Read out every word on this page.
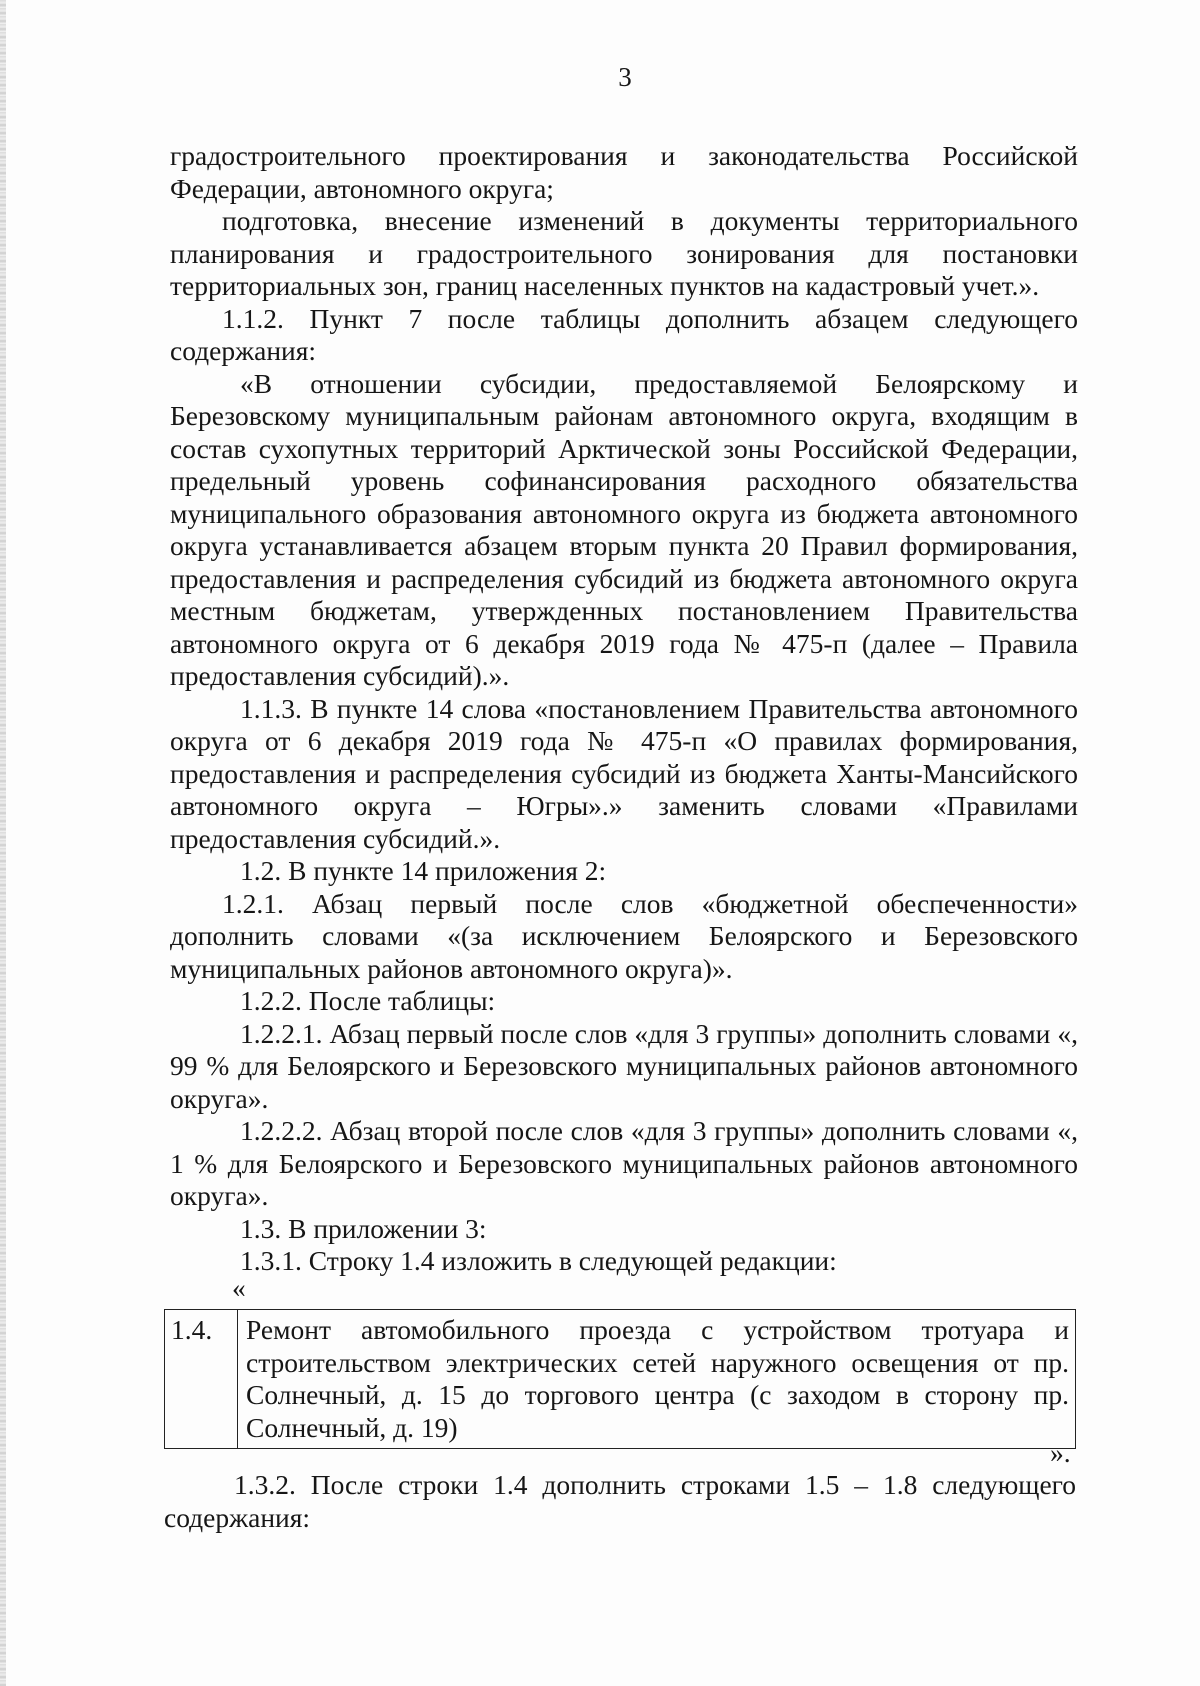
3

градостроительного проектирования и законодательства Российской Федерации, автономного округа;

подготовка, внесение изменений в документы территориального планирования и градостроительного зонирования для постановки территориальных зон, границ населенных пунктов на кадастровый учет.».

1.1.2. Пункт 7 после таблицы дополнить абзацем следующего содержания:

«В отношении субсидии, предоставляемой Белоярскому и Березовскому муниципальным районам автономного округа, входящим в состав сухопутных территорий Арктической зоны Российской Федерации, предельный уровень софинансирования расходного обязательства муниципального образования автономного округа из бюджета автономного округа устанавливается абзацем вторым пункта 20 Правил формирования, предоставления и распределения субсидий из бюджета автономного округа местным бюджетам, утвержденных постановлением Правительства автономного округа от 6 декабря 2019 года № 475-п (далее – Правила предоставления субсидий).».

1.1.3. В пункте 14 слова «постановлением Правительства автономного округа от 6 декабря 2019 года № 475-п «О правилах формирования, предоставления и распределения субсидий из бюджета Ханты-Мансийского автономного округа – Югры».» заменить словами «Правилами предоставления субсидий.».

1.2. В пункте 14 приложения 2:

1.2.1. Абзац первый после слов «бюджетной обеспеченности» дополнить словами «(за исключением Белоярского и Березовского муниципальных районов автономного округа)».

1.2.2. После таблицы:

1.2.2.1. Абзац первый после слов «для 3 группы» дополнить словами «, 99 % для Белоярского и Березовского муниципальных районов автономного округа».

1.2.2.2. Абзац второй после слов «для 3 группы» дополнить словами «, 1 % для Белоярского и Березовского муниципальных районов автономного округа».

1.3. В приложении 3:

1.3.1. Строку 1.4 изложить в следующей редакции:

«
1.4.	Ремонт автомобильного проезда с устройством тротуара и строительством электрических сетей наружного освещения от пр. Солнечный, д. 15 до торгового центра (с заходом в сторону пр. Солнечный, д. 19)
».

1.3.2. После строки 1.4 дополнить строками 1.5 – 1.8 следующего содержания:
